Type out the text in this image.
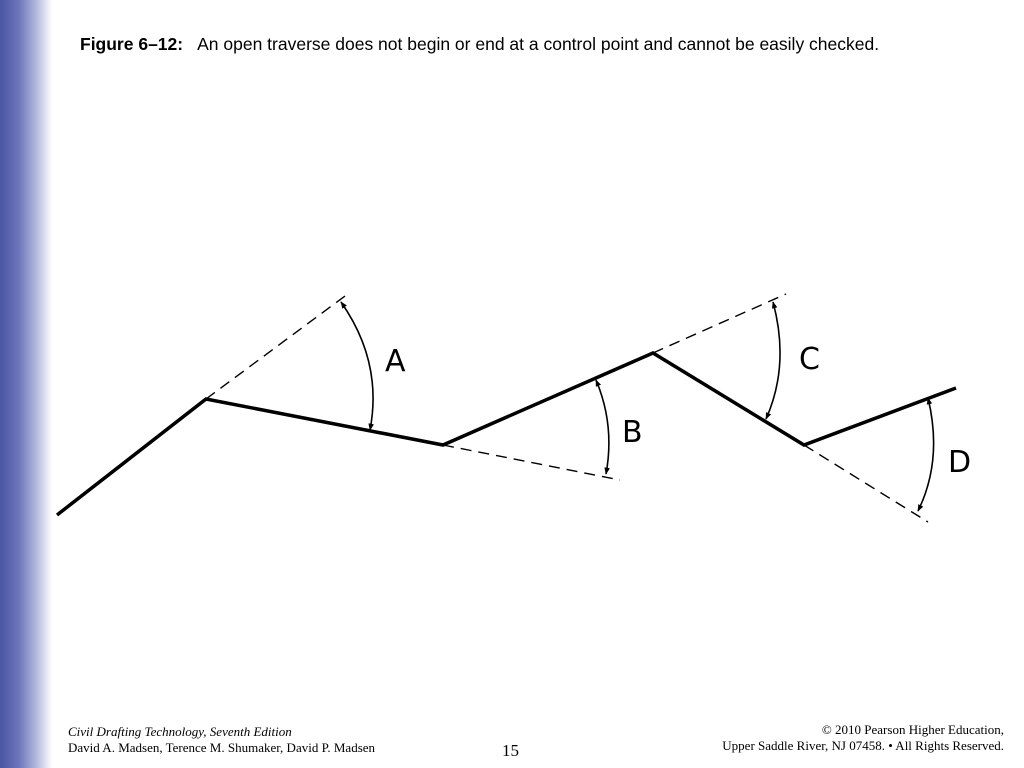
Figure 6–12: An open traverse does not begin or end at a control point and cannot be easily checked.
A
B
C
D
Civil Drafting Technology, Seventh Edition
David A. Madsen, Terence M. Shumaker, David P. Madsen	15
© 2010 Pearson Higher Education,
Upper Saddle River, NJ 07458. • All Rights Reserved.
